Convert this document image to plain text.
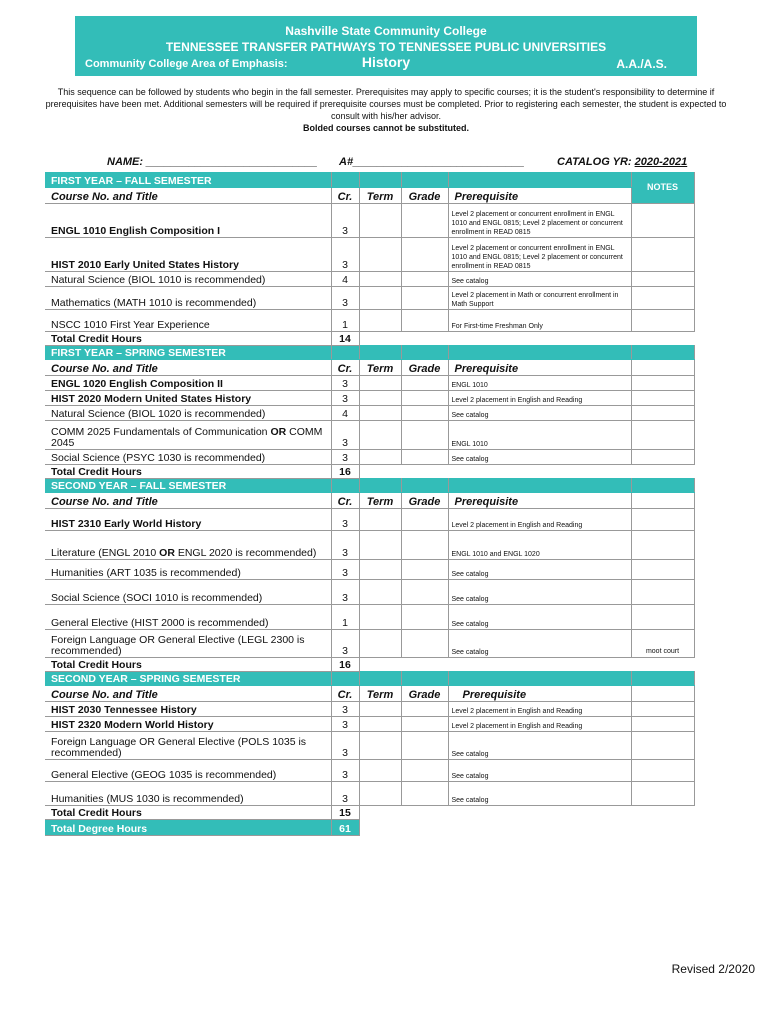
Nashville State Community College
TENNESSEE TRANSFER PATHWAYS TO TENNESSEE PUBLIC UNIVERSITIES
Community College Area of Emphasis:	History	A.A./A.S.
This sequence can be followed by students who begin in the fall semester. Prerequisites may apply to specific courses; it is the student's responsibility to determine if prerequisites have been met. Additional semesters will be required if prerequisite courses must be completed. Prior to registering each semester, the student is expected to consult with his/her advisor.
Bolded courses cannot be substituted.
NAME: ____________________________ A#____________________________	CATALOG YR: 2020-2021
FIRST YEAR – FALL SEMESTER					NOTES
Course No. and Title	Cr.	Term	Grade	Prerequisite	
ENGL 1010 English Composition I	3			Level 2 placement or concurrent enrollment in ENGL 1010 and ENGL 0815; Level 2 placement or concurrent enrollment in READ 0815	
HIST 2010 Early United States History	3			Level 2 placement or concurrent enrollment in ENGL 1010 and ENGL 0815; Level 2 placement or concurrent enrollment in READ 0815	
Natural Science (BIOL 1010 is recommended)	4			See catalog	
Mathematics (MATH 1010 is recommended)	3			Level 2 placement in Math or concurrent enrollment in Math Support	
NSCC 1010 First Year Experience	1			For First-time Freshman Only	
Total Credit Hours	14				
FIRST YEAR – SPRING SEMESTER					
Course No. and Title	Cr.	Term	Grade	Prerequisite	
ENGL 1020 English Composition II	3			ENGL 1010	
HIST 2020 Modern United States History	3			Level 2 placement in English and Reading	
Natural Science (BIOL 1020 is recommended)	4			See catalog	
COMM 2025 Fundamentals of Communication OR COMM 2045	3			ENGL 1010	
Social Science (PSYC 1030 is recommended)	3			See catalog	
Total Credit Hours	16				
SECOND YEAR – FALL SEMESTER					
Course No. and Title	Cr.	Term	Grade	Prerequisite	
HIST 2310 Early World History	3			Level 2 placement in English and Reading	
Literature (ENGL 2010 OR ENGL 2020 is recommended)	3			ENGL 1010 and ENGL 1020	
Humanities (ART 1035 is recommended)	3			See catalog	
Social Science (SOCI 1010 is recommended)	3			See catalog	
General Elective (HIST 2000 is recommended)	1			See catalog	
Foreign Language OR General Elective (LEGL 2300 is recommended)	3			See catalog	moot court
Total Credit Hours	16				
SECOND YEAR – SPRING SEMESTER					
Course No. and Title	Cr.	Term	Grade	Prerequisite	
HIST 2030 Tennessee History	3			Level 2 placement in English and Reading	
HIST 2320 Modern World History	3			Level 2 placement in English and Reading	
Foreign Language OR General Elective (POLS 1035 is recommended)	3			See catalog	
General Elective (GEOG 1035 is recommended)	3			See catalog	
Humanities (MUS 1030 is recommended)	3			See catalog	
Total Credit Hours	15				
Total Degree Hours	61				
Revised 2/2020
